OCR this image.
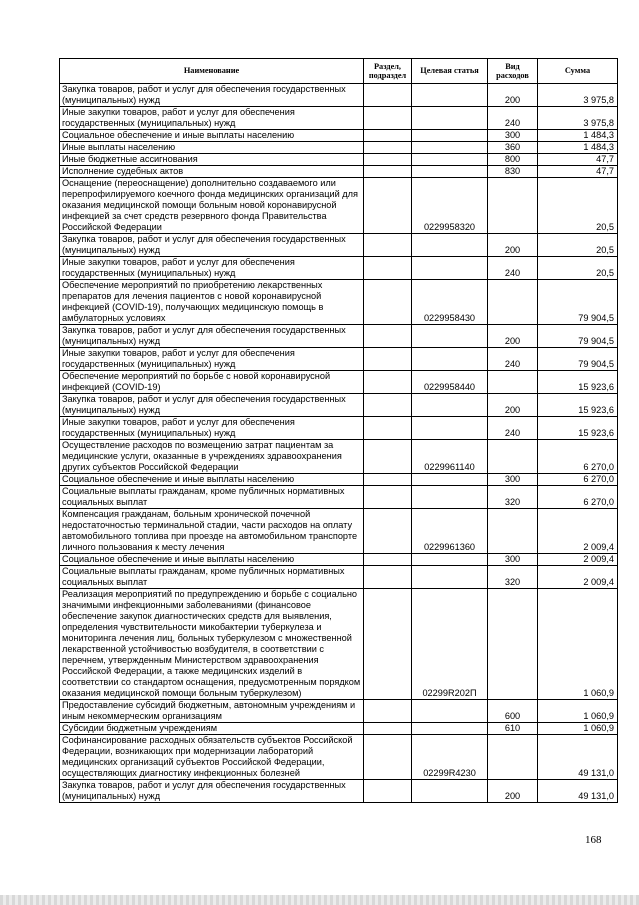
Наименование	Раздел, подраздел	Целевая статья	Вид расходов	Сумма
Закупка товаров, работ и услуг для обеспечения государственных (муниципальных) нужд			200	3 975,8
Иные закупки товаров, работ и услуг для обеспечения государственных (муниципальных) нужд			240	3 975,8
Социальное обеспечение и иные выплаты населению			300	1 484,3
Иные выплаты населению			360	1 484,3
Иные бюджетные ассигнования			800	47,7
Исполнение судебных актов			830	47,7
Оснащение (переоснащение) дополнительно создаваемого или перепрофилируемого коечного фонда медицинских организаций для оказания медицинской помощи больным новой коронавирусной инфекцией за счет средств резервного фонда Правительства Российской Федерации		0229958320		20,5
Закупка товаров, работ и услуг для обеспечения государственных (муниципальных) нужд			200	20,5
Иные закупки товаров, работ и услуг для обеспечения государственных (муниципальных) нужд			240	20,5
Обеспечение мероприятий по приобретению лекарственных препаратов для лечения пациентов с новой коронавирусной инфекцией (COVID-19), получающих медицинскую помощь в амбулаторных условиях		0229958430		79 904,5
Закупка товаров, работ и услуг для обеспечения государственных (муниципальных) нужд			200	79 904,5
Иные закупки товаров, работ и услуг для обеспечения государственных (муниципальных) нужд			240	79 904,5
Обеспечение мероприятий по борьбе с новой коронавирусной инфекцией (COVID-19)		0229958440		15 923,6
Закупка товаров, работ и услуг для обеспечения государственных (муниципальных) нужд			200	15 923,6
Иные закупки товаров, работ и услуг для обеспечения государственных (муниципальных) нужд			240	15 923,6
Осуществление расходов по возмещению затрат пациентам за медицинские услуги, оказанные в учреждениях здравоохранения других субъектов Российской Федерации		0229961140		6 270,0
Социальное обеспечение и иные выплаты населению			300	6 270,0
Социальные выплаты гражданам, кроме публичных нормативных социальных выплат			320	6 270,0
Компенсация гражданам, больным хронической почечной недостаточностью терминальной стадии, части расходов на оплату автомобильного топлива при проезде на автомобильном транспорте личного пользования к месту лечения		0229961360		2 009,4
Социальное обеспечение и иные выплаты населению			300	2 009,4
Социальные выплаты гражданам, кроме публичных нормативных социальных выплат			320	2 009,4
Реализация мероприятий по предупреждению и борьбе с социально значимыми инфекционными заболеваниями (финансовое обеспечение закупок диагностических средств для выявления, определения чувствительности микобактерии туберкулеза и мониторинга лечения лиц, больных туберкулезом с множественной лекарственной устойчивостью возбудителя, в соответствии с перечнем, утвержденным Министерством здравоохранения Российской Федерации, а также медицинских изделий в соответствии со стандартом оснащения, предусмотренным порядком оказания медицинской помощи больным туберкулезом)		02299R202П		1 060,9
Предоставление субсидий бюджетным, автономным учреждениям и иным некоммерческим организациям			600	1 060,9
Субсидии бюджетным учреждениям			610	1 060,9
Софинансирование расходных обязательств субъектов Российской Федерации, возникающих при модернизации лабораторий медицинских организаций субъектов Российской Федерации, осуществляющих диагностику инфекционных болезней		02299R4230		49 131,0
Закупка товаров, работ и услуг для обеспечения государственных (муниципальных) нужд			200	49 131,0
168
